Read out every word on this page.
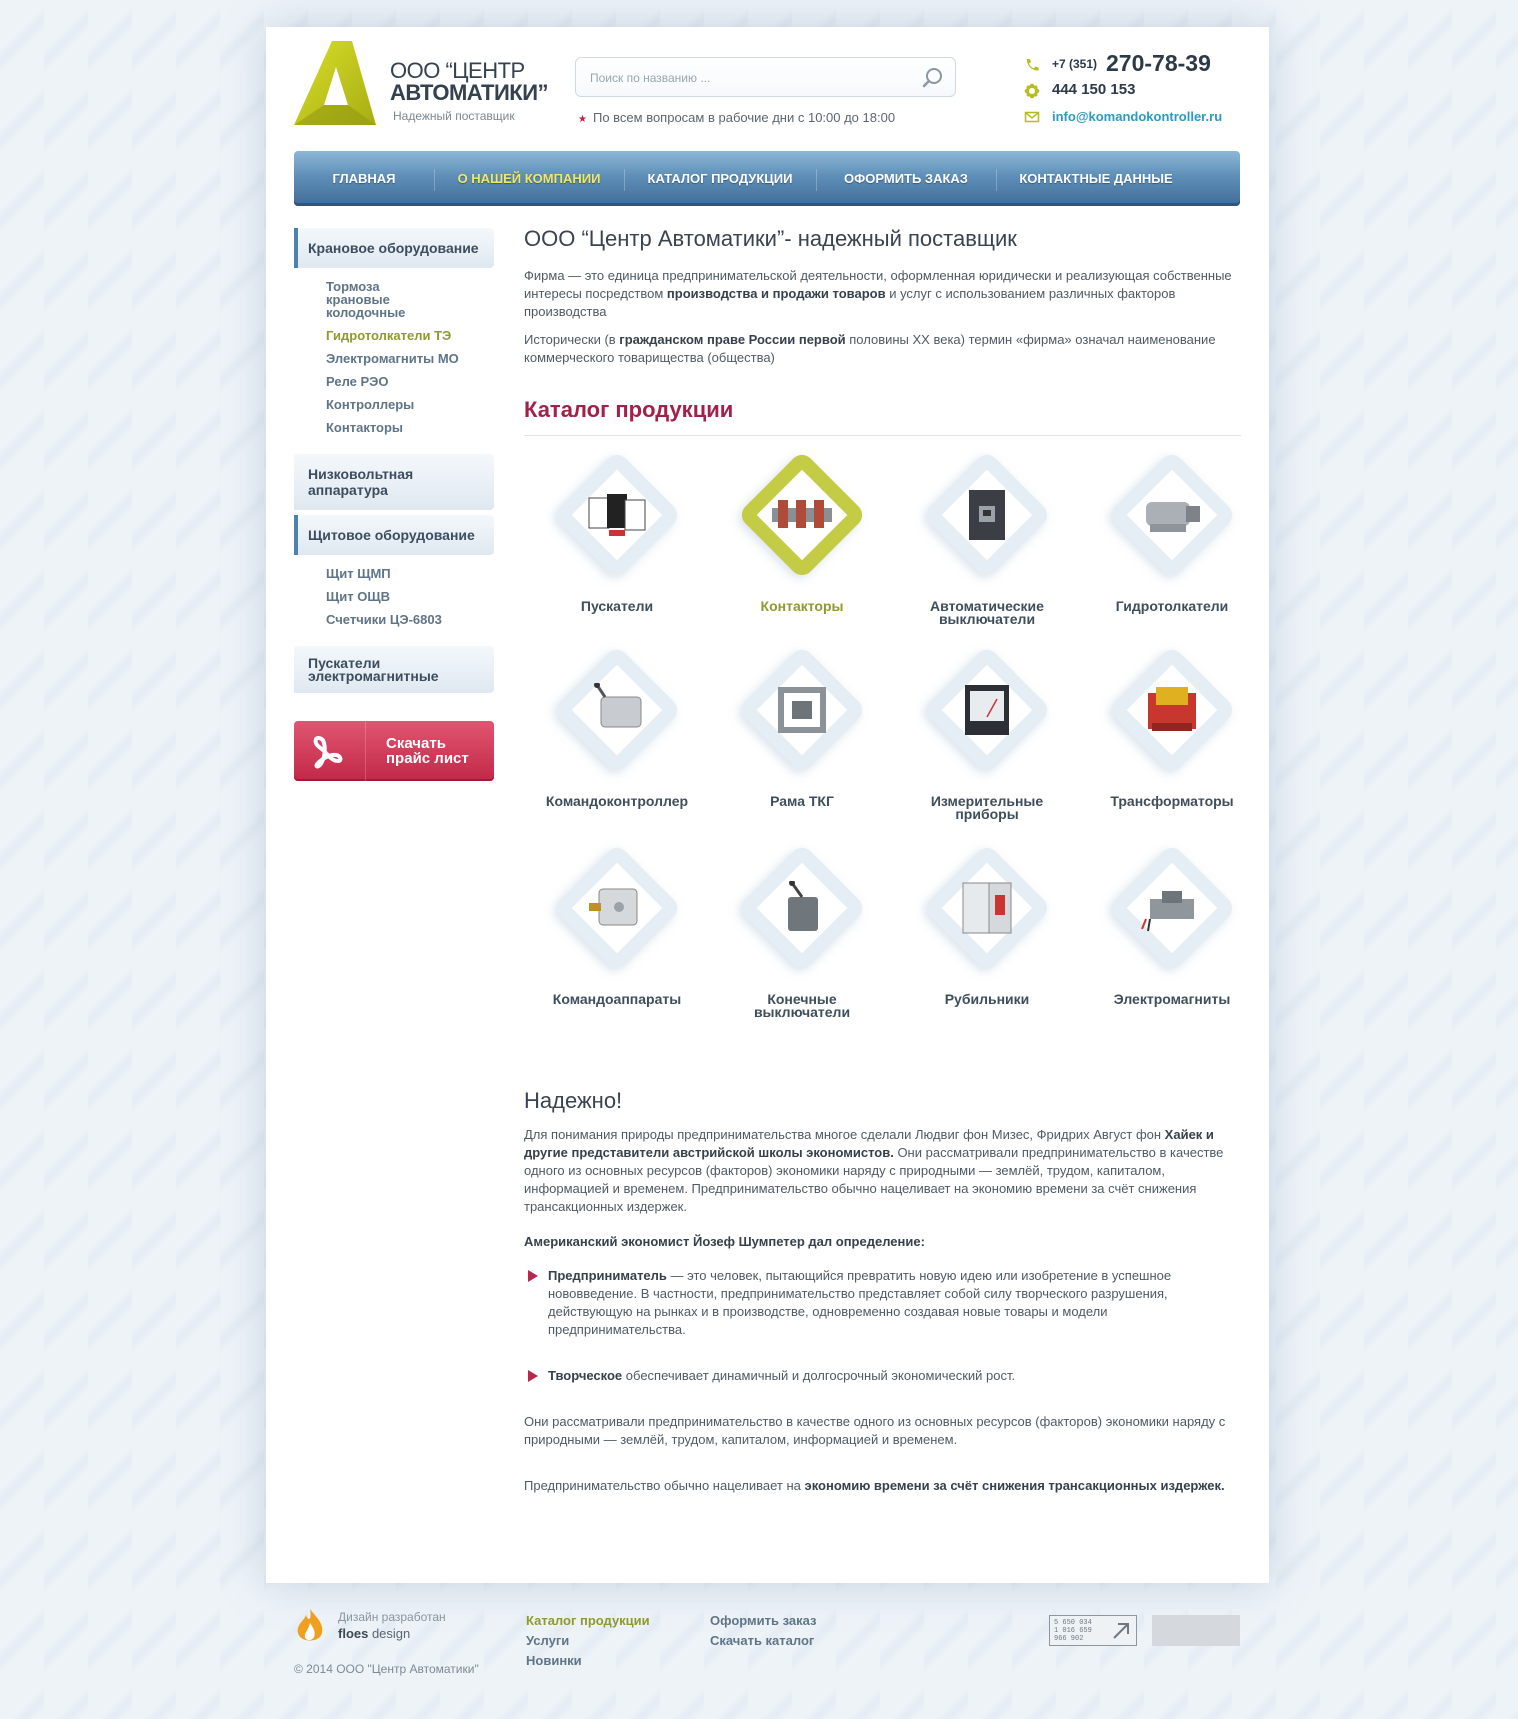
ООО “ЦЕНТР
АВТОМАТИКИ”
Надежный поставщик
Поиск по названию ...	★ По всем вопросам в рабочие дни с 10:00 до 18:00
+7 (351) 270-78-39
444 150 153
info@komandokontroller.ru
ГЛАВНАЯ	О НАШЕЙ КОМПАНИИ	КАТАЛОГ ПРОДУКЦИИ	ОФОРМИТЬ ЗАКАЗ	КОНТАКТНЫЕ ДАННЫЕ
Крановое оборудование
Тормоза крановые колодочные
Гидротолкатели ТЭ
Электромагниты МО
Реле РЭО
Контроллеры
Контакторы
Низковольтная аппаратура
Щитовое оборудование
Щит ЩМП
Щит ОЩВ
Счетчики ЦЭ-6803
Пускатели
электромагнитные
Скачать
прайс лист
ООО “Центр Автоматики”- надежный поставщик

Фирма — это единица предпринимательской деятельности, оформленная юридически и реализующая собственные интересы посредством производства и продажи товаров и услуг с использованием различных факторов производства

Исторически (в гражданском праве России первой половины XX века) термин «фирма» означал наименование коммерческого товарищества (общества)

Каталог продукции
Пускатели	Контакторы	Автоматические
выключатели
Гидротолкатели
Командоконтроллер	Рама ТКГ	Измерительные
приборы
Трансформаторы
Командоаппараты	Конечные
выключатели
Рубильники	Электромагниты
Надежно!

Для понимания природы предпринимательства многое сделали Людвиг фон Мизес, Фридрих Август фон Хайек и другие представители австрийской школы экономистов. Они рассматривали предпринимательство в качестве одного из основных ресурсов (факторов) экономики наряду с природными — землёй, трудом, капиталом, информацией и временем. Предпринимательство обычно нацеливает на экономию времени за счёт снижения трансакционных издержек.

Американский экономист Йозеф Шумпетер дал определение:

Предприниматель — это человек, пытающийся превратить новую идею или изобретение в успешное нововведение. В частности, предпринимательство представляет собой силу творческого разрушения, действующую на рынках и в производстве, одновременно создавая новые товары и модели предпринимательства.

Творческое обеспечивает динамичный и долгосрочный экономический рост.

Они рассматривали предпринимательство в качестве одного из основных ресурсов (факторов) экономики наряду с природными — землёй, трудом, капиталом, информацией и временем.

Предпринимательство обычно нацеливает на экономию времени за счёт снижения трансакционных издержек.

Дизайн разработан
floes design
© 2014 ООО "Центр Автоматики"
Каталог продукции
Услуги
Новинки
Оформить заказ
Скачать каталог
5 650 034
1 016 659
966 902
